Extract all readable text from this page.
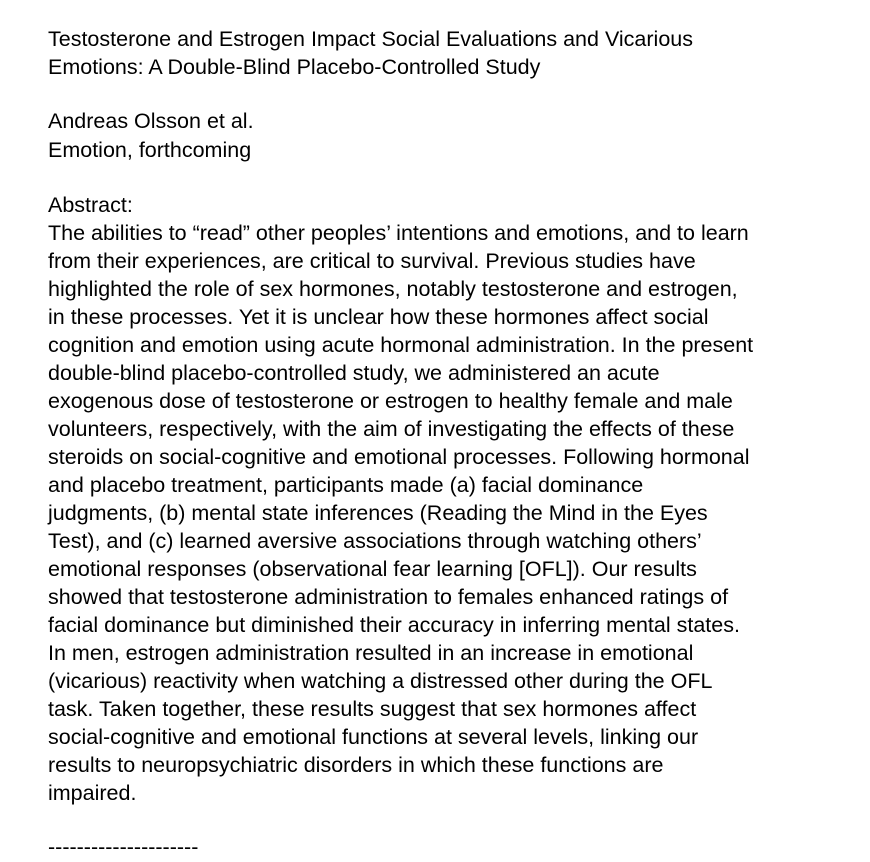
Testosterone and Estrogen Impact Social Evaluations and Vicarious
Emotions: A Double-Blind Placebo-Controlled Study
Andreas Olsson et al.
Emotion, forthcoming
Abstract:
The abilities to “read” other peoples’ intentions and emotions, and to learn
from their experiences, are critical to survival. Previous studies have
highlighted the role of sex hormones, notably testosterone and estrogen,
in these processes. Yet it is unclear how these hormones affect social
cognition and emotion using acute hormonal administration. In the present
double-blind placebo-controlled study, we administered an acute
exogenous dose of testosterone or estrogen to healthy female and male
volunteers, respectively, with the aim of investigating the effects of these
steroids on social-cognitive and emotional processes. Following hormonal
and placebo treatment, participants made (a) facial dominance
judgments, (b) mental state inferences (Reading the Mind in the Eyes
Test), and (c) learned aversive associations through watching others’
emotional responses (observational fear learning [OFL]). Our results
showed that testosterone administration to females enhanced ratings of
facial dominance but diminished their accuracy in inferring mental states.
In men, estrogen administration resulted in an increase in emotional
(vicarious) reactivity when watching a distressed other during the OFL
task. Taken together, these results suggest that sex hormones affect
social-cognitive and emotional functions at several levels, linking our
results to neuropsychiatric disorders in which these functions are
impaired.
---------------------
